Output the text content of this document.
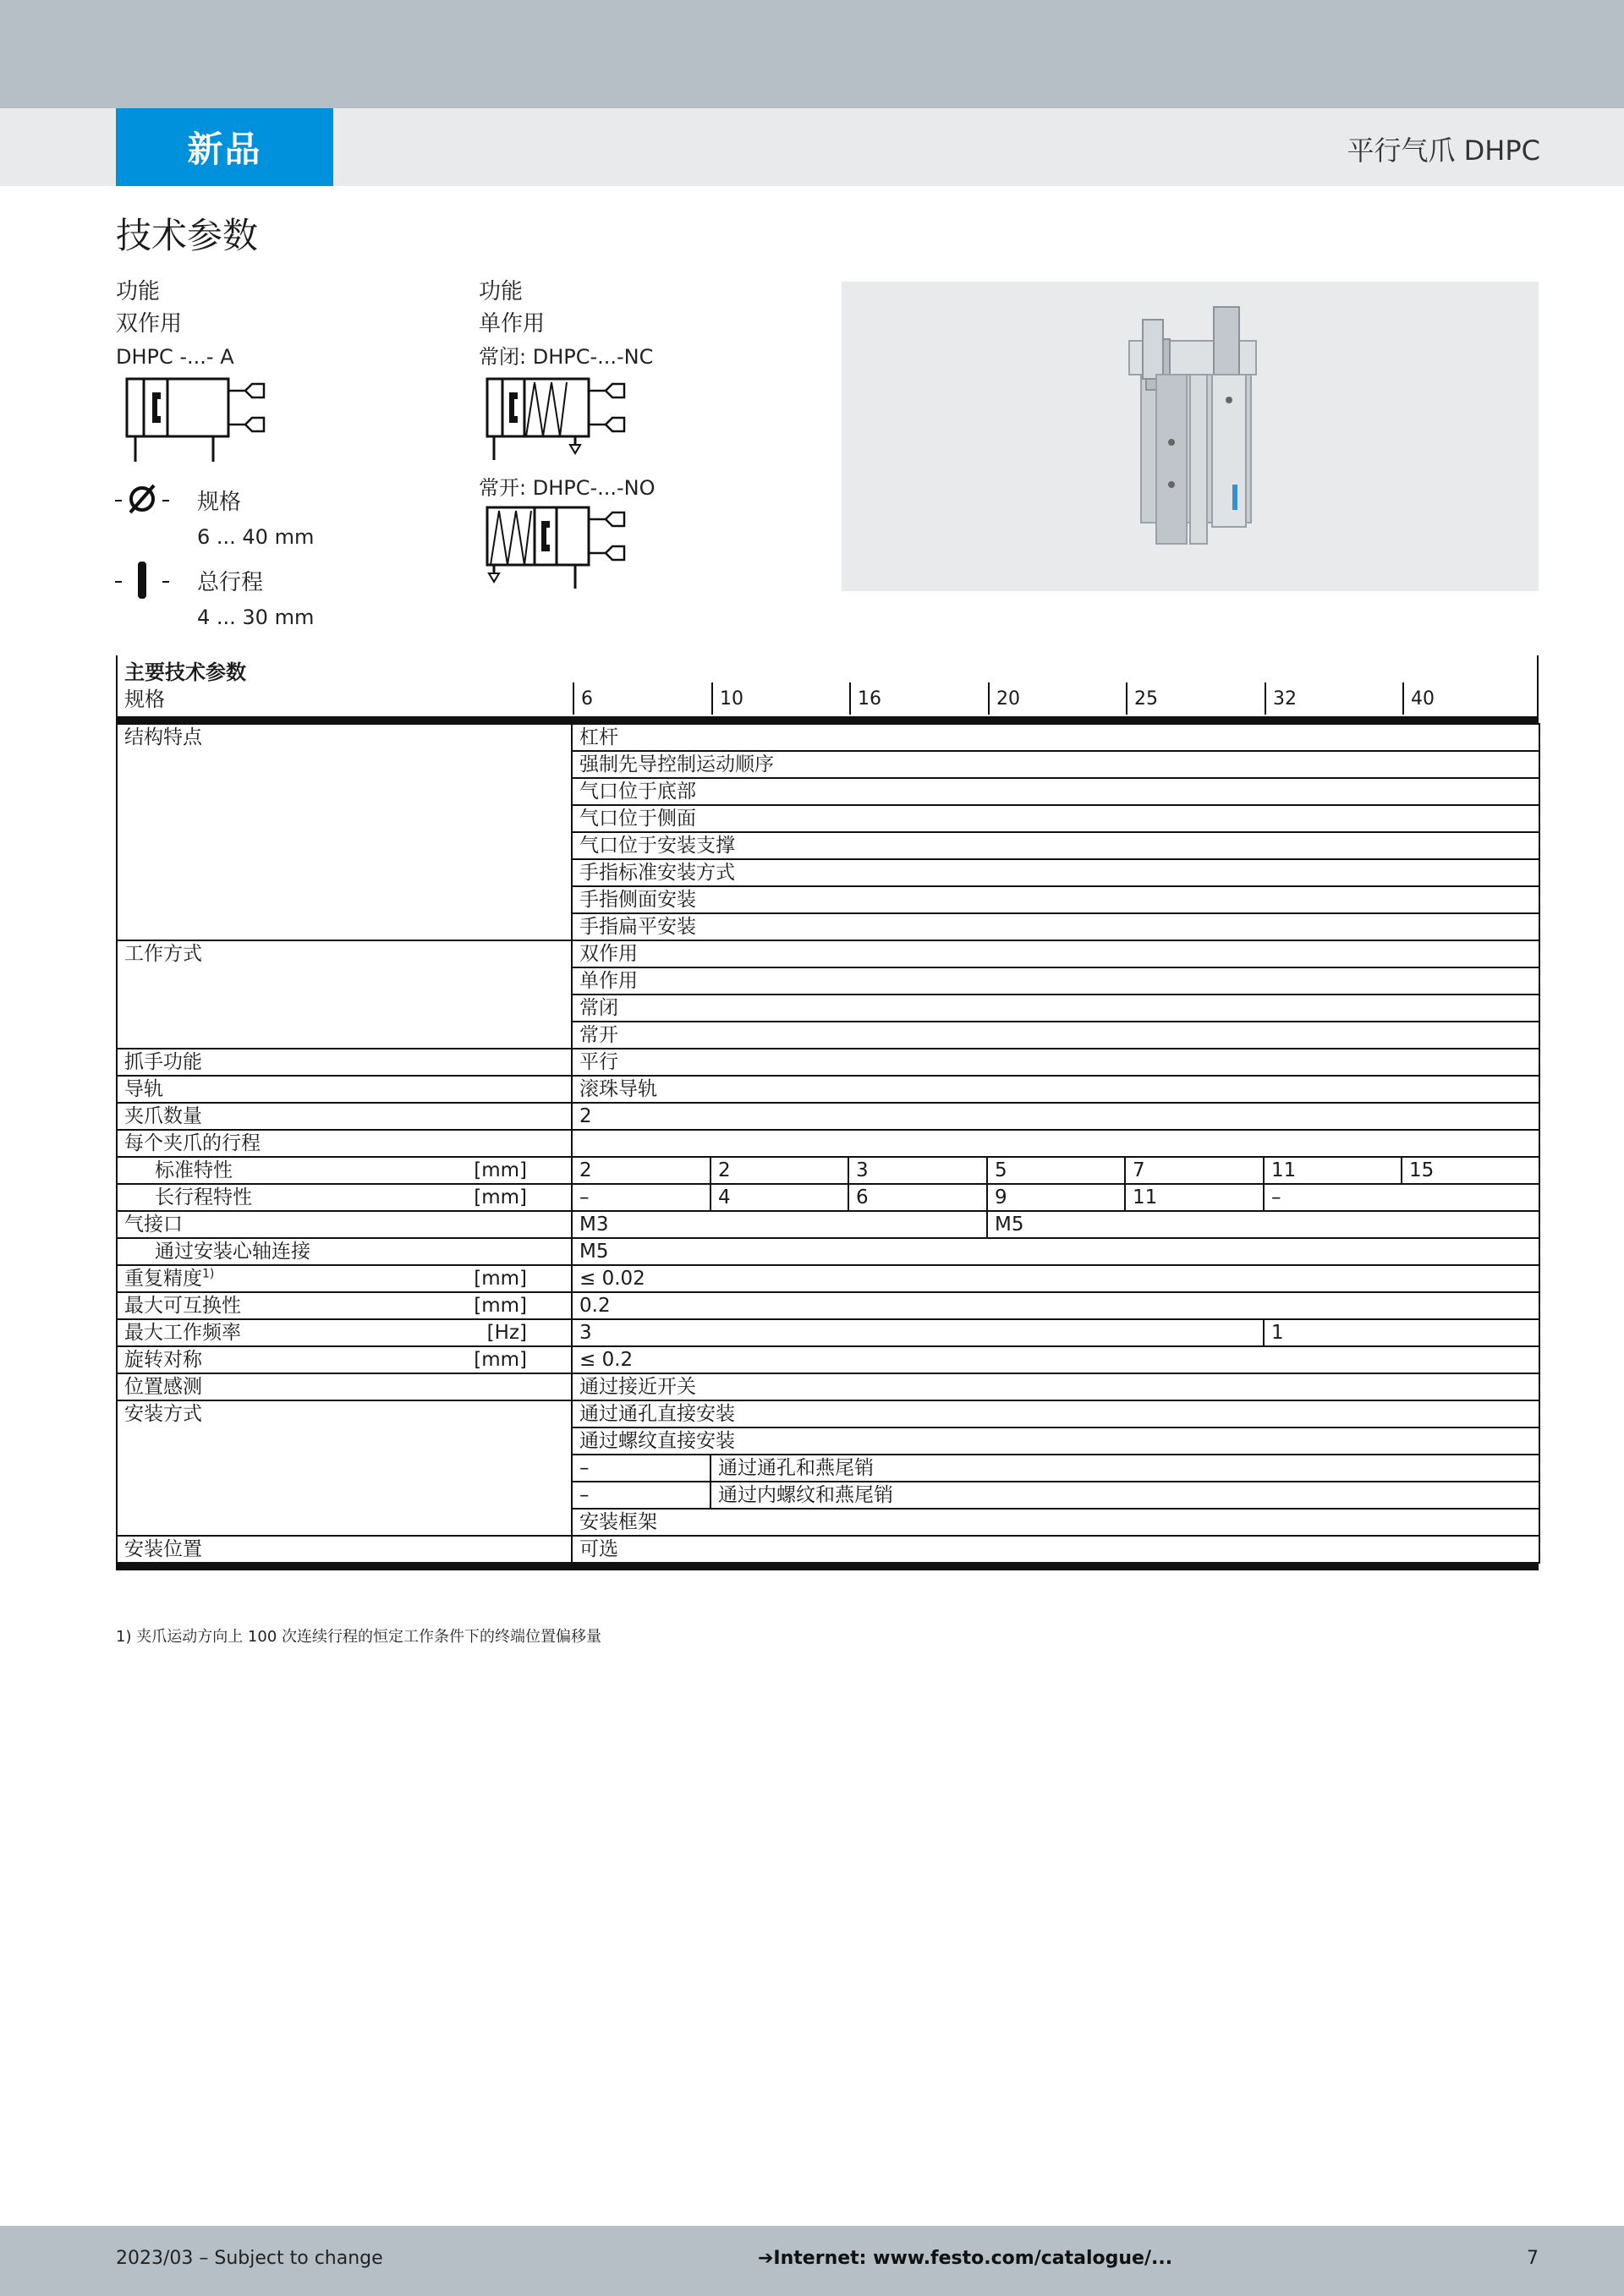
新品	平行气爪 DHPC
技术参数
功能
双作用
DHPC -...- A
规格
6 ... 40 mm
总行程
4 ... 30 mm
功能
单作用
常闭: DHPC-...-NC
常开: DHPC-...-NO
主要技术参数
规格	6	10	16	20	25	32	40
结构特点	杠杆						
	强制先导控制运动顺序						
	气口位于底部						
	气口位于侧面						
	气口位于安装支撑						
	手指标准安装方式						
	手指侧面安装						
	手指扁平安装						
工作方式	双作用						
	单作用						
	常闭						
	常开						
抓手功能	平行						
导轨	滚珠导轨						
夹爪数量	2						
每个夹爪的行程							
标准特性 [mm]	2	2	3	5	7	11	15
长行程特性 [mm]	–	4	6	9	11	–	
气接口	M3			M5			
通过安装心轴连接	M5						
重复精度$^{1)}$ [mm]	≤ 0.02						
最大可互换性 [mm]	0.2						
最大工作频率 [Hz]	3					1	
旋转对称 [mm]	≤ 0.2						
位置感测	通过接近开关						
安装方式	通过通孔直接安装						
	通过螺纹直接安装						
	–	通过通孔和燕尾销					
	–	通过内螺纹和燕尾销					
	安装框架						
安装位置	可选						
1) 夹爪运动方向上 100 次连续行程的恒定工作条件下的终端位置偏移量
2023/03 – Subject to change	➔Internet: www.festo.com/catalogue/...	7
